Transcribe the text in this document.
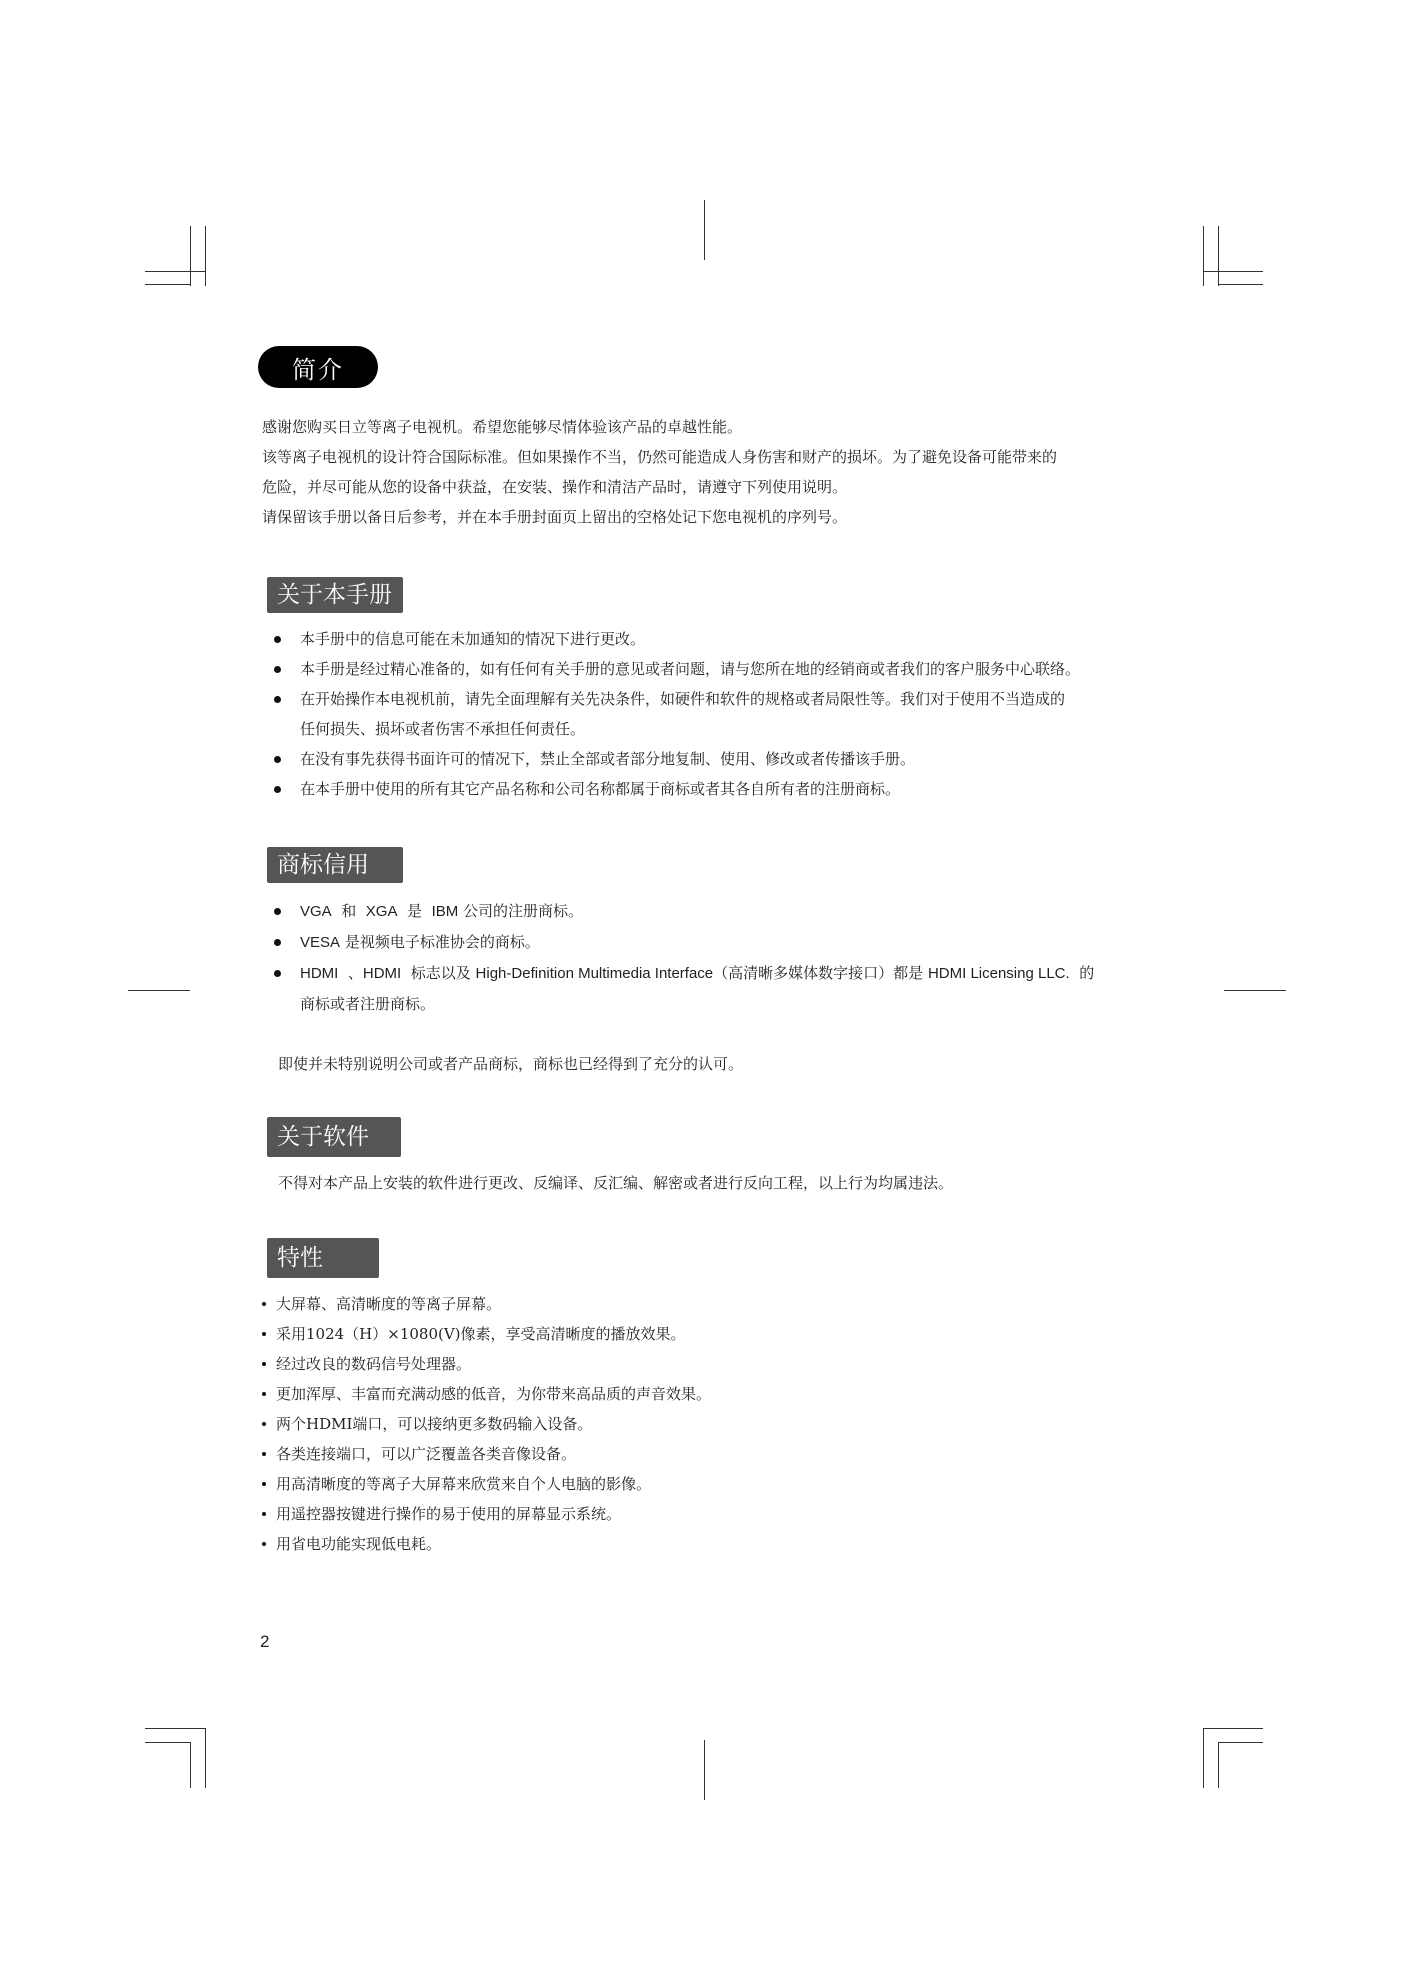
简介

感谢您购买日立等离子电视机。希望您能够尽情体验该产品的卓越性能。

该等离子电视机的设计符合国际标准。但如果操作不当，仍然可能造成人身伤害和财产的损坏。为了避免设备可能带来的

危险，并尽可能从您的设备中获益，在安装、操作和清洁产品时，请遵守下列使用说明。

请保留该手册以备日后参考，并在本手册封面页上留出的空格处记下您电视机的序列号。

关于本手册
本手册中的信息可能在未加通知的情况下进行更改。
本手册是经过精心准备的，如有任何有关手册的意见或者问题，请与您所在地的经销商或者我们的客户服务中心联络。
在开始操作本电视机前，请先全面理解有关先决条件，如硬件和软件的规格或者局限性等。我们对于使用不当造成的
任何损失、损坏或者伤害不承担任何责任。
在没有事先获得书面许可的情况下，禁止全部或者部分地复制、使用、修改或者传播该手册。
在本手册中使用的所有其它产品名称和公司名称都属于商标或者其各自所有者的注册商标。
商标信用
VGA 和 XGA 是 IBM 公司的注册商标。
VESA 是视频电子标准协会的商标。
HDMI 、HDMI 标志以及 High-Definition Multimedia Interface（高清晰多媒体数字接口）都是 HDMI Licensing LLC. 的
商标或者注册商标。

即使并未特别说明公司或者产品商标，商标也已经得到了充分的认可。

关于软件

不得对本产品上安装的软件进行更改、反编译、反汇编、解密或者进行反向工程，以上行为均属违法。

特性
大屏幕、高清晰度的等离子屏幕。
采用1024（H）×1080(V)像素，享受高清晰度的播放效果。
经过改良的数码信号处理器。
更加浑厚、丰富而充满动感的低音，为你带来高品质的声音效果。
两个HDMI端口，可以接纳更多数码输入设备。
各类连接端口，可以广泛覆盖各类音像设备。
用高清晰度的等离子大屏幕来欣赏来自个人电脑的影像。
用遥控器按键进行操作的易于使用的屏幕显示系统。
用省电功能实现低电耗。
2
